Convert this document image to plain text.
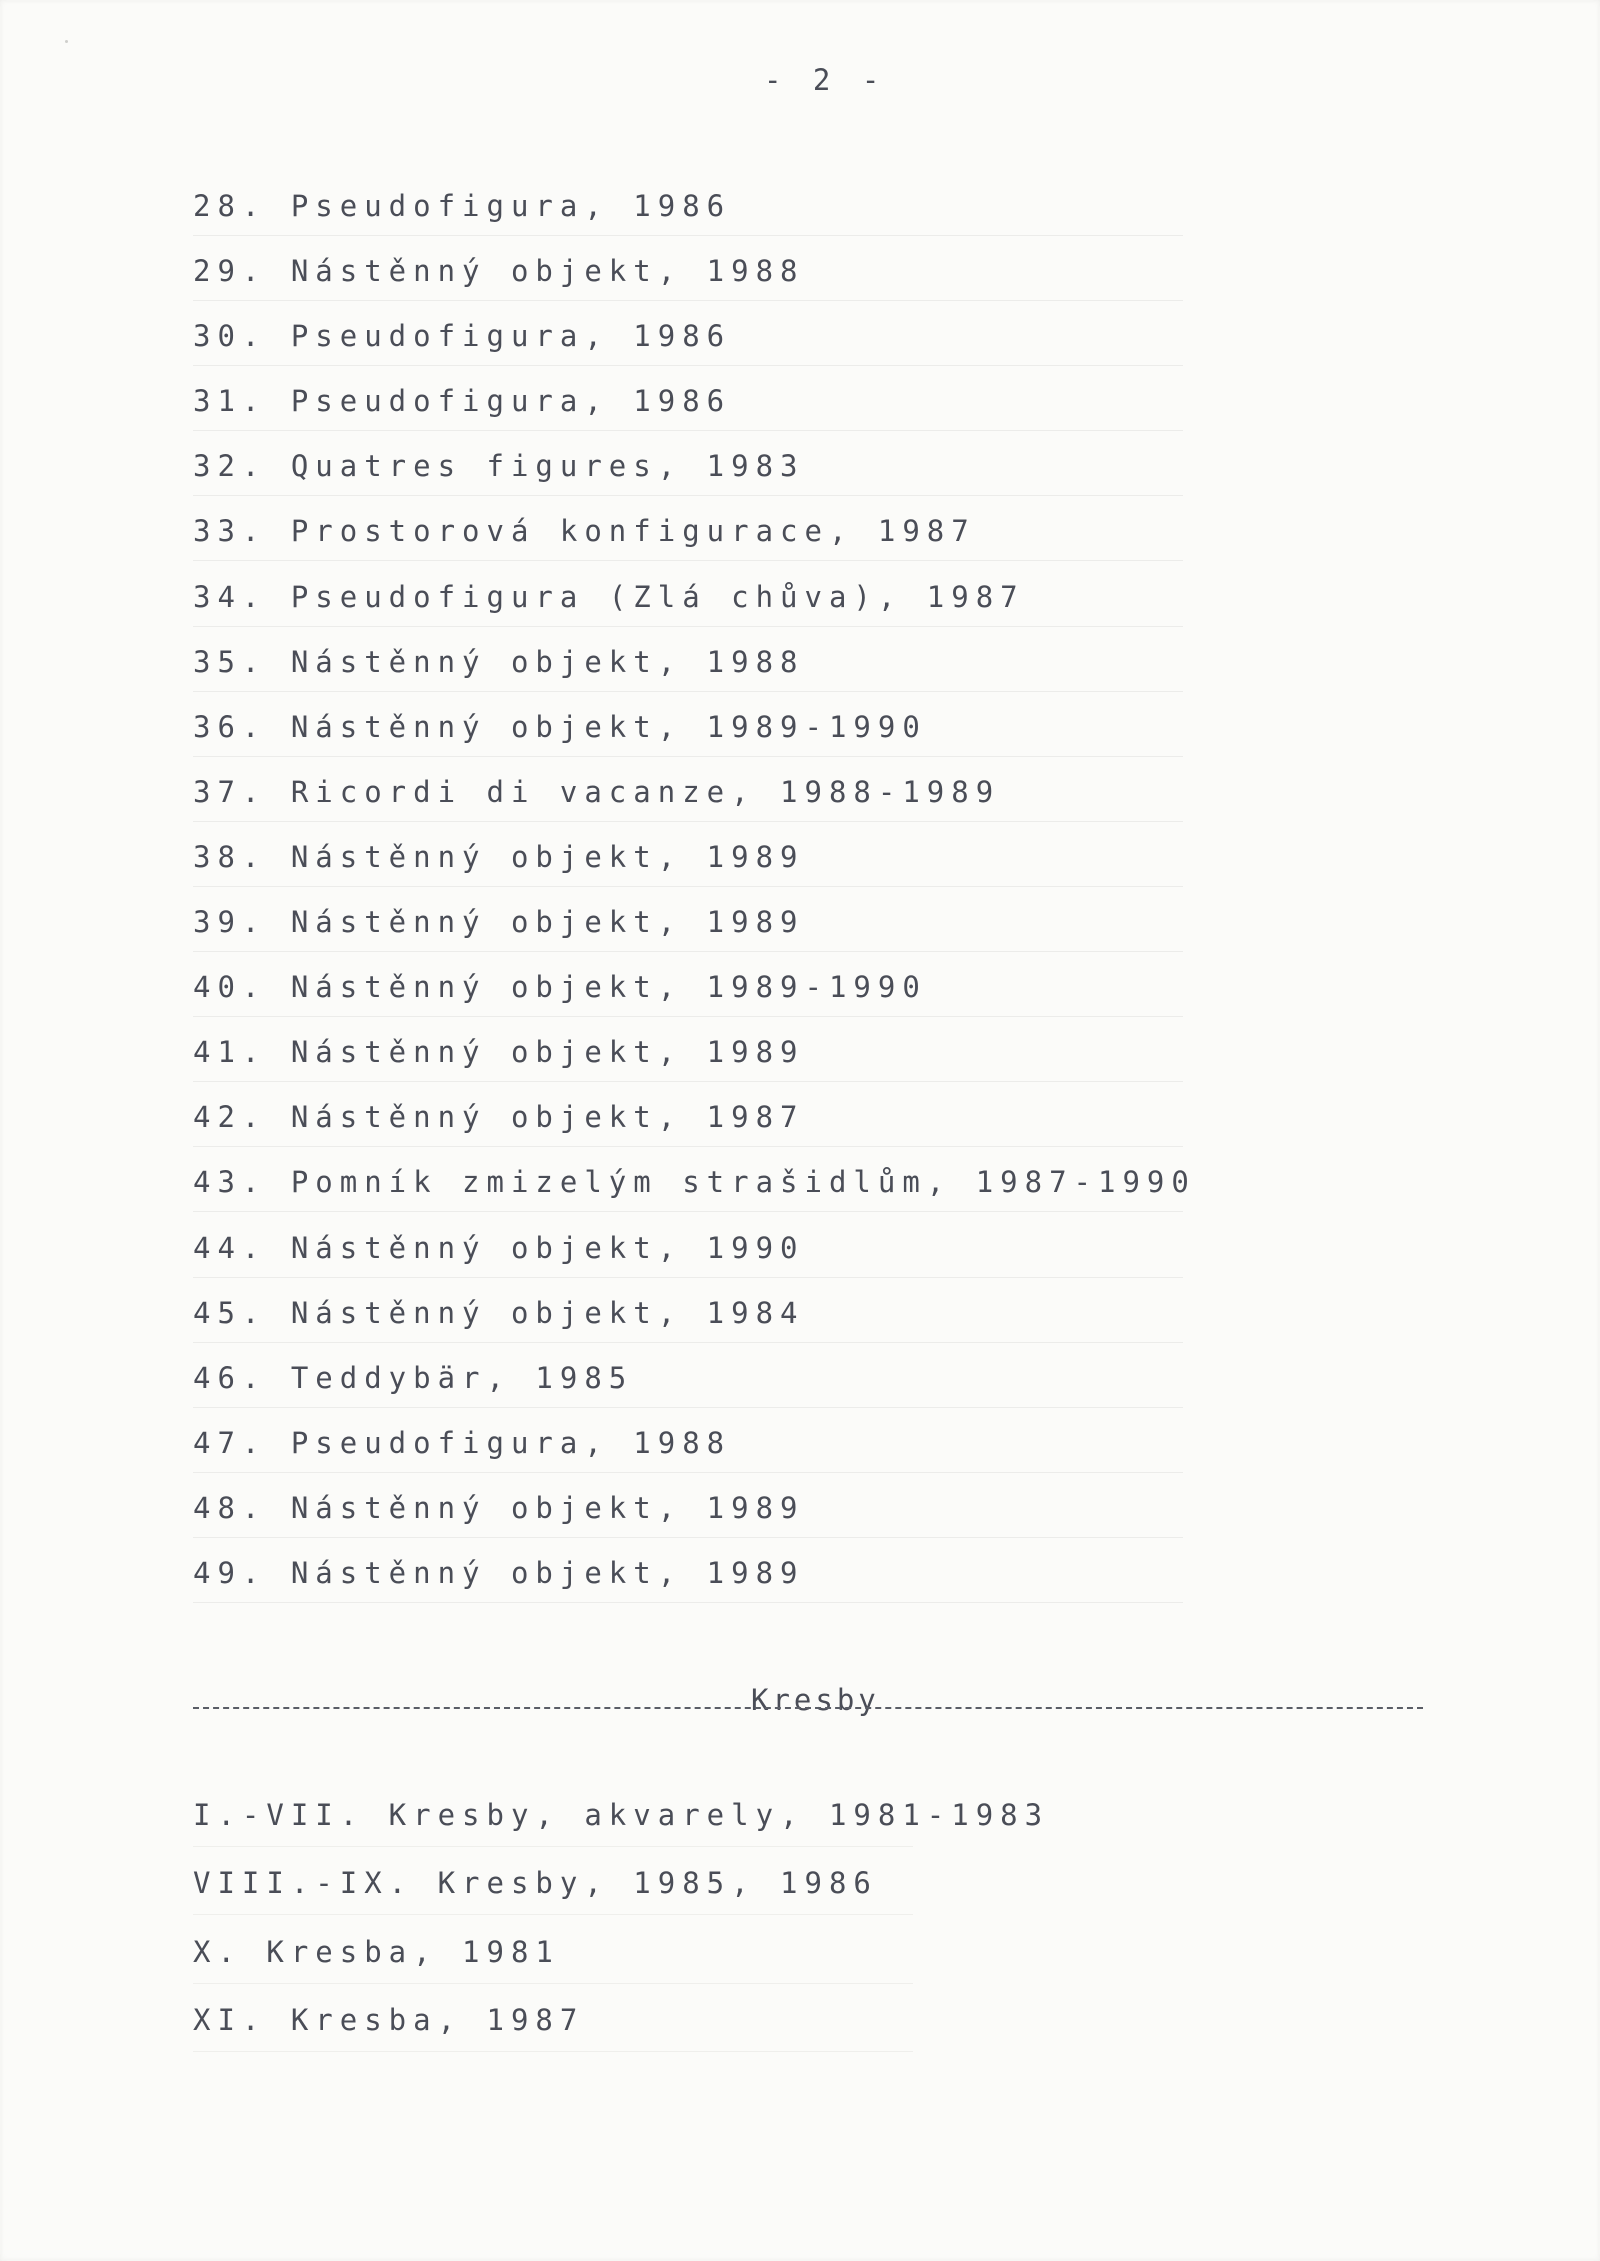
- 2 -
28. Pseudofigura, 1986
29. Nástěnný objekt, 1988
30. Pseudofigura, 1986
31. Pseudofigura, 1986
32. Quatres figures, 1983
33. Prostorová konfigurace, 1987
34. Pseudofigura (Zlá chůva), 1987
35. Nástěnný objekt, 1988
36. Nástěnný objekt, 1989-1990
37. Ricordi di vacanze, 1988-1989
38. Nástěnný objekt, 1989
39. Nástěnný objekt, 1989
40. Nástěnný objekt, 1989-1990
41. Nástěnný objekt, 1989
42. Nástěnný objekt, 1987
43. Pomník zmizelým strašidlům, 1987-1990
44. Nástěnný objekt, 1990
45. Nástěnný objekt, 1984
46. Teddybär, 1985
47. Pseudofigura, 1988
48. Nástěnný objekt, 1989
49. Nástěnný objekt, 1989
Kresby
I.-VII. Kresby, akvarely, 1981-1983
VIII.-IX. Kresby, 1985, 1986
X. Kresba, 1981
XI. Kresba, 1987
